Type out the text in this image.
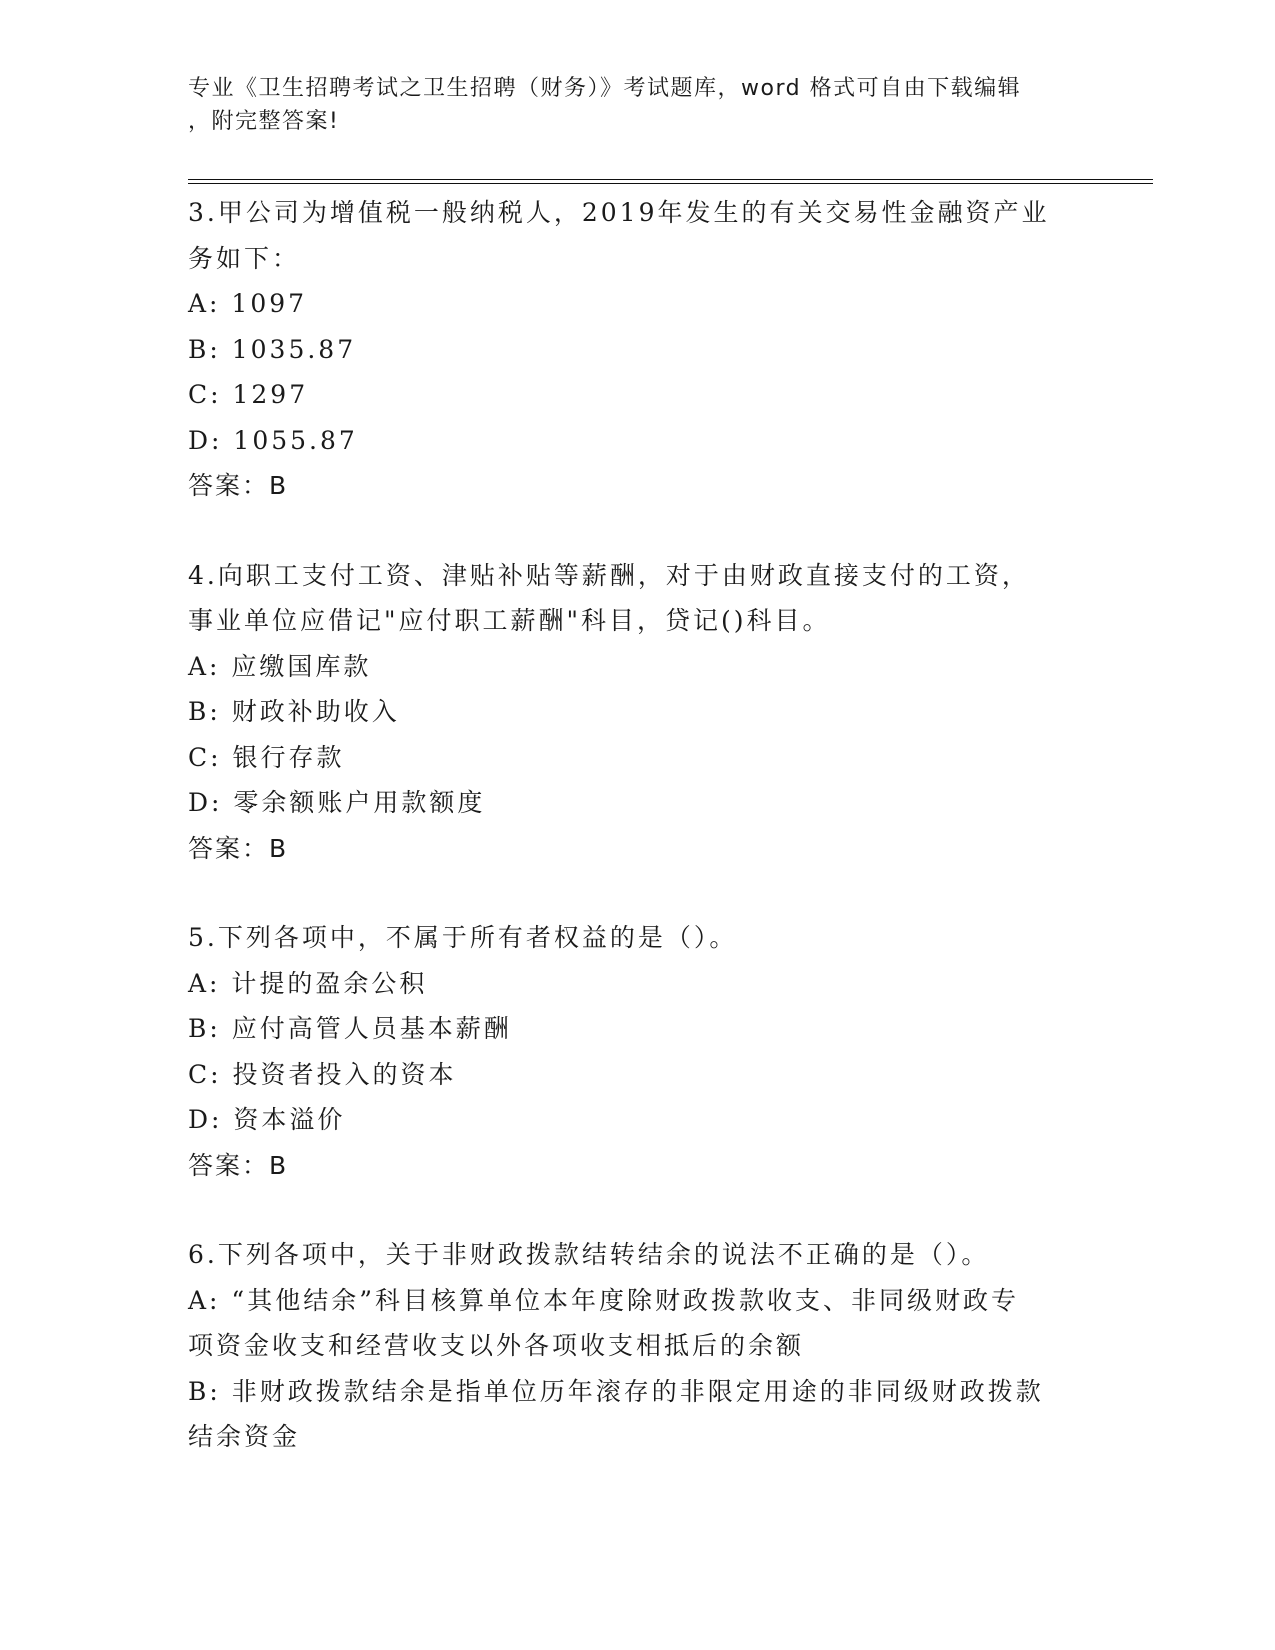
专业《卫生招聘考试之卫生招聘（财务）》考试题库，word 格式可自由下载编辑
，附完整答案!

3.甲公司为增值税一般纳税人，2019年发生的有关交易性金融资产业

务如下：

A: 1097

B: 1035.87

C: 1297

D: 1055.87

答案：B

4.向职工支付工资、津贴补贴等薪酬，对于由财政直接支付的工资，

事业单位应借记"应付职工薪酬"科目，贷记()科目。

A: 应缴国库款

B: 财政补助收入

C: 银行存款

D: 零余额账户用款额度

答案：B

5.下列各项中，不属于所有者权益的是（）。

A: 计提的盈余公积

B: 应付高管人员基本薪酬

C: 投资者投入的资本

D: 资本溢价

答案：B

6.下列各项中，关于非财政拨款结转结余的说法不正确的是（）。

A: “其他结余”科目核算单位本年度除财政拨款收支、非同级财政专

项资金收支和经营收支以外各项收支相抵后的余额

B: 非财政拨款结余是指单位历年滚存的非限定用途的非同级财政拨款

结余资金
